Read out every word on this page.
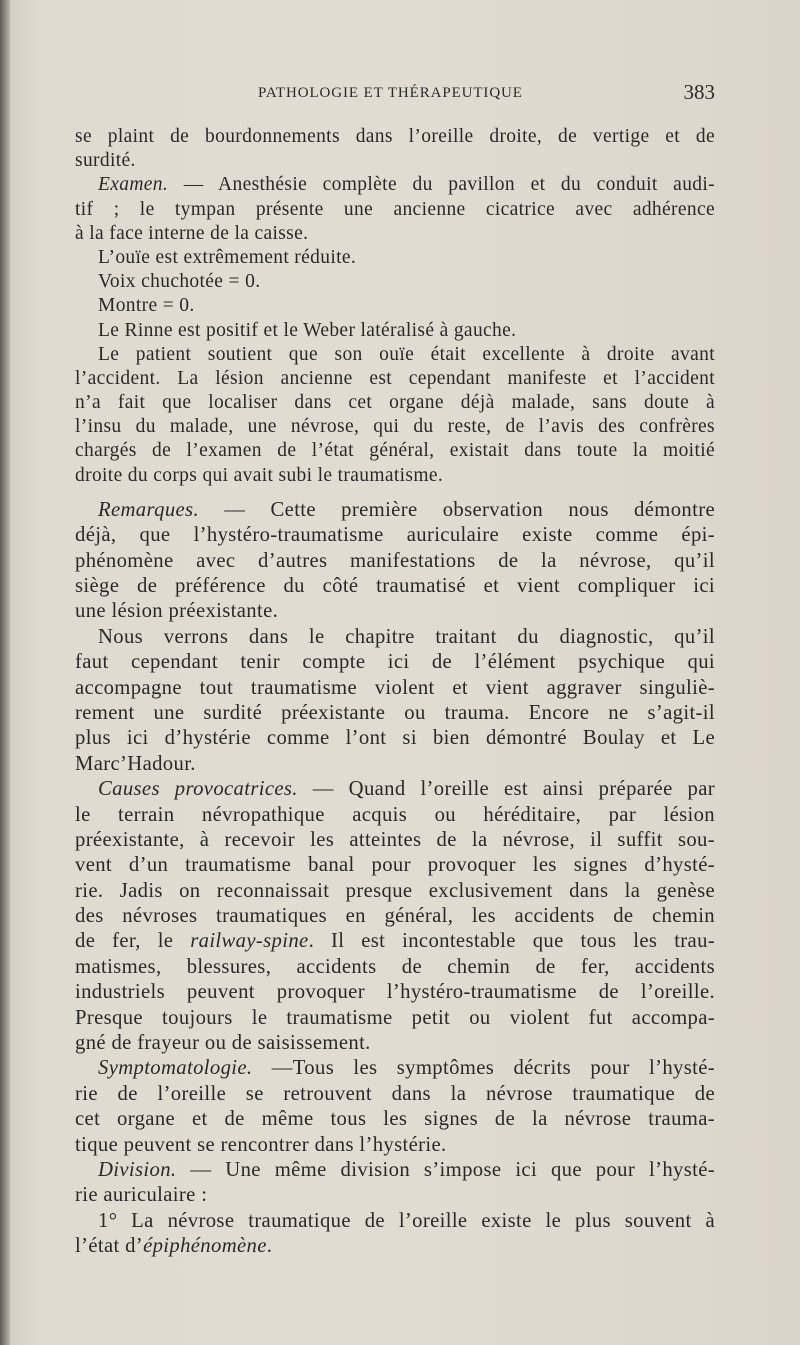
PATHOLOGIE ET THÉRAPEUTIQUE	383
se plaint de bourdonnements dans l’oreille droite, de vertige et de
surdité.
Examen. — Anesthésie complète du pavillon et du conduit audi-
tif ; le tympan présente une ancienne cicatrice avec adhérence
à la face interne de la caisse.
L’ouïe est extrêmement réduite.
Voix chuchotée = 0.
Montre = 0.
Le Rinne est positif et le Weber latéralisé à gauche.
Le patient soutient que son ouïe était excellente à droite avant
l’accident. La lésion ancienne est cependant manifeste et l’accident
n’a fait que localiser dans cet organe déjà malade, sans doute à
l’insu du malade, une névrose, qui du reste, de l’avis des confrères
chargés de l’examen de l’état général, existait dans toute la moitié
droite du corps qui avait subi le traumatisme.
Remarques. — Cette première observation nous démontre
déjà, que l’hystéro-traumatisme auriculaire existe comme épi-
phénomène avec d’autres manifestations de la névrose, qu’il
siège de préférence du côté traumatisé et vient compliquer ici
une lésion préexistante.
Nous verrons dans le chapitre traitant du diagnostic, qu’il
faut cependant tenir compte ici de l’élément psychique qui
accompagne tout traumatisme violent et vient aggraver singuliè-
rement une surdité préexistante ou trauma. Encore ne s’agit-il
plus ici d’hystérie comme l’ont si bien démontré Boulay et Le
Marc’Hadour.
Causes provocatrices. — Quand l’oreille est ainsi préparée par
le terrain névropathique acquis ou héréditaire, par lésion
préexistante, à recevoir les atteintes de la névrose, il suffit sou-
vent d’un traumatisme banal pour provoquer les signes d’hysté-
rie. Jadis on reconnaissait presque exclusivement dans la genèse
des névroses traumatiques en général, les accidents de chemin
de fer, le railway-spine. Il est incontestable que tous les trau-
matismes, blessures, accidents de chemin de fer, accidents
industriels peuvent provoquer l’hystéro-traumatisme de l’oreille.
Presque toujours le traumatisme petit ou violent fut accompa-
gné de frayeur ou de saisissement.
Symptomatologie. —Tous les symptômes décrits pour l’hysté-
rie de l’oreille se retrouvent dans la névrose traumatique de
cet organe et de même tous les signes de la névrose trauma-
tique peuvent se rencontrer dans l’hystérie.
Division. — Une même division s’impose ici que pour l’hysté-
rie auriculaire :
1° La névrose traumatique de l’oreille existe le plus souvent à
l’état d’épiphénomène.
